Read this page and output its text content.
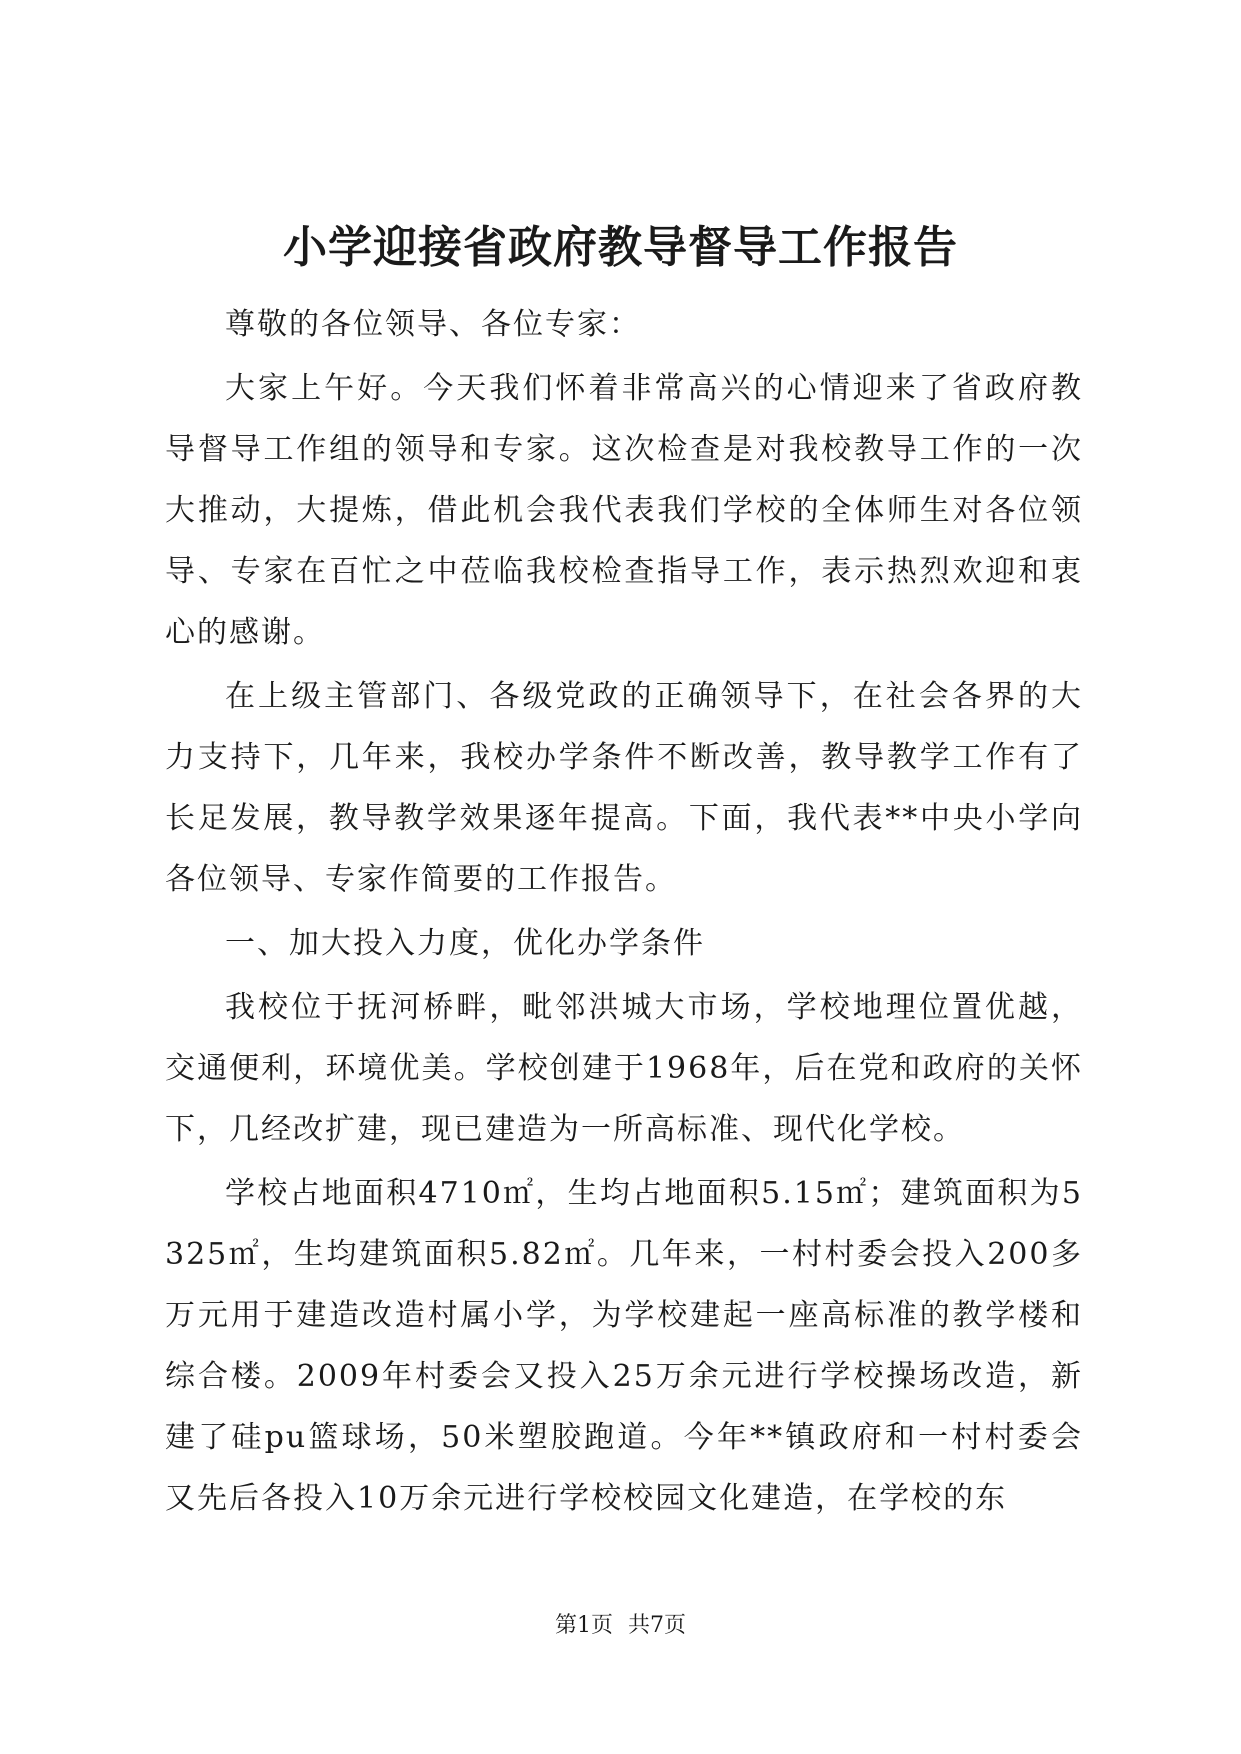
小学迎接省政府教导督导工作报告

尊敬的各位领导、各位专家：

大家上午好。今天我们怀着非常高兴的心情迎来了省政府教导督导工作组的领导和专家。这次检查是对我校教导工作的一次大推动，大提炼，借此机会我代表我们学校的全体师生对各位领导、专家在百忙之中莅临我校检查指导工作，表示热烈欢迎和衷心的感谢。

在上级主管部门、各级党政的正确领导下，在社会各界的大力支持下，几年来，我校办学条件不断改善，教导教学工作有了长足发展，教导教学效果逐年提高。下面，我代表**中央小学向各位领导、专家作简要的工作报告。

一、加大投入力度，优化办学条件

我校位于抚河桥畔，毗邻洪城大市场，学校地理位置优越，交通便利，环境优美。学校创建于1968年，后在党和政府的关怀下，几经改扩建，现已建造为一所高标准、现代化学校。

学校占地面积4710㎡，生均占地面积5.15㎡；建筑面积为5325㎡，生均建筑面积5.82㎡。几年来，一村村委会投入200多万元用于建造改造村属小学，为学校建起一座高标准的教学楼和综合楼。2009年村委会又投入25万余元进行学校操场改造，新建了硅pu篮球场，50米塑胶跑道。今年**镇政府和一村村委会又先后各投入10万余元进行学校校园文化建造，在学校的东

第1页 共7页
